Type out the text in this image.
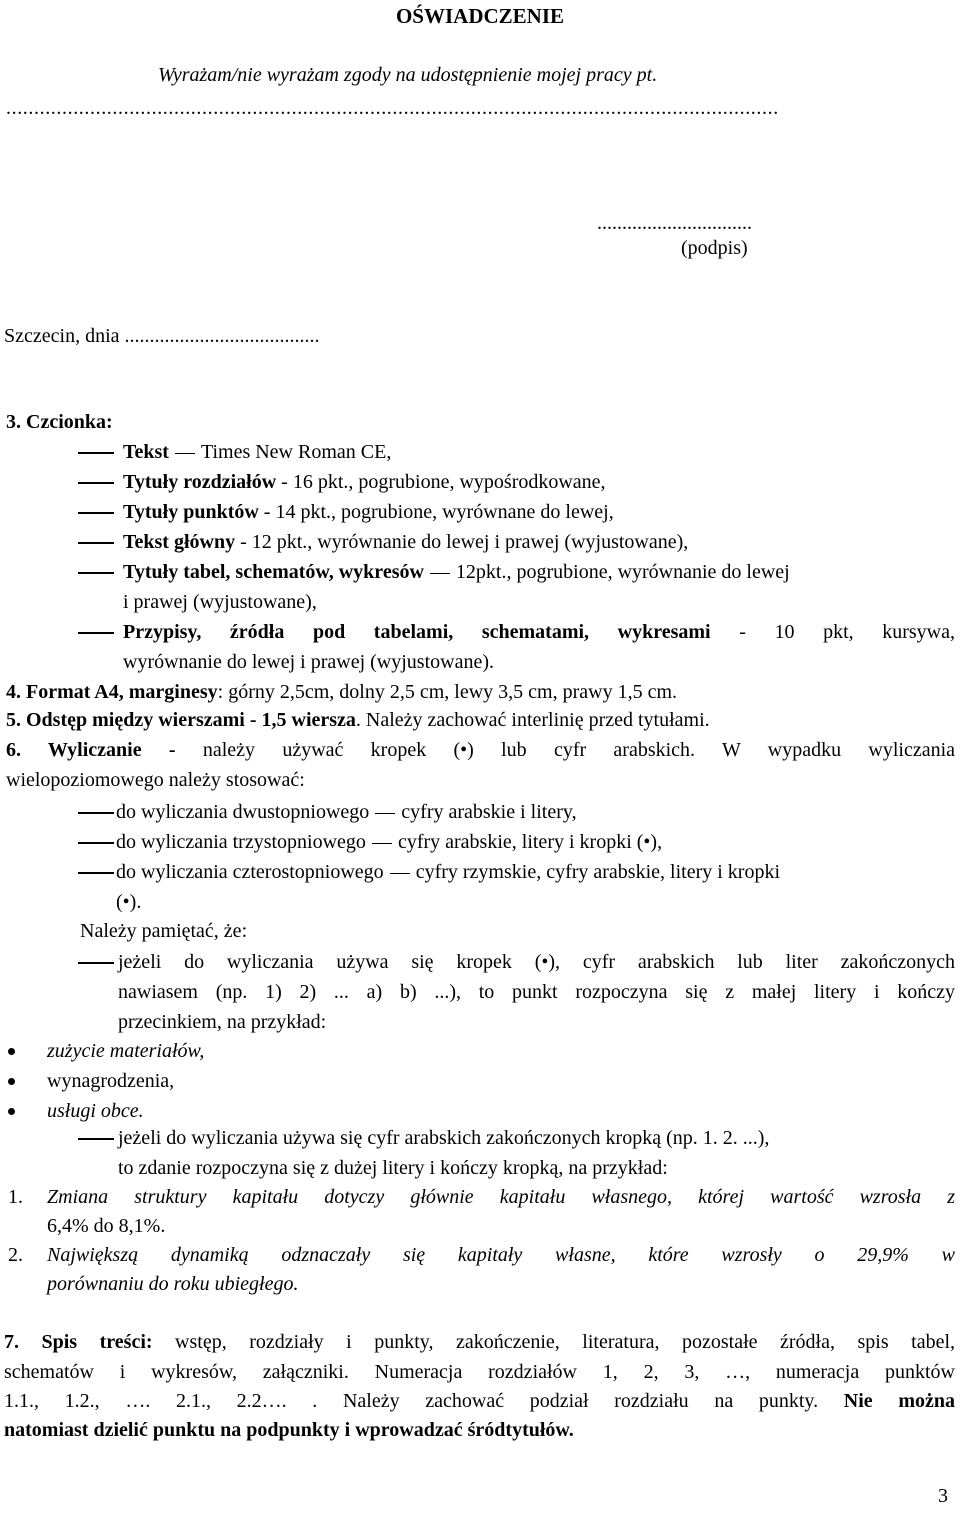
OŚWIADCZENIE
Wyrażam/nie wyrażam zgody na udostępnienie mojej pracy pt.
..........................................................................................................................................
...............................
(podpis)
Szczecin, dnia .......................................
3. Czcionka:
Tekst Times New Roman CE,
Tytuły rozdziałów - 16 pkt., pogrubione, wypośrodkowane,
Tytuły punktów - 14 pkt., pogrubione, wyrównane do lewej,
Tekst główny - 12 pkt., wyrównanie do lewej i prawej (wyjustowane),
Tytuły tabel, schematów, wykresów 12pkt., pogrubione, wyrównanie do lewej
i prawej (wyjustowane),
Przypisy, źródła pod tabelami, schematami, wykresami - 10 pkt, kursywa,
wyrównanie do lewej i prawej (wyjustowane).
4. Format A4, marginesy: górny 2,5cm, dolny 2,5 cm, lewy 3,5 cm, prawy 1,5 cm.
5. Odstęp między wierszami - 1,5 wiersza. Należy zachować interlinię przed tytułami.
6. Wyliczanie - należy używać kropek (•) lub cyfr arabskich. W wypadku wyliczania
wielopoziomowego należy stosować:
do wyliczania dwustopniowego cyfry arabskie i litery,
do wyliczania trzystopniowego cyfry arabskie, litery i kropki (•),
do wyliczania czterostopniowego cyfry rzymskie, cyfry arabskie, litery i kropki
(•).
Należy pamiętać, że:
jeżeli do wyliczania używa się kropek (•), cyfr arabskich lub liter zakończonych
nawiasem (np. 1) 2) ... a) b) ...), to punkt rozpoczyna się z małej litery i kończy
przecinkiem, na przykład:
zużycie materiałów,
wynagrodzenia,
usługi obce.
jeżeli do wyliczania używa się cyfr arabskich zakończonych kropką (np. 1. 2. ...),
to zdanie rozpoczyna się z dużej litery i kończy kropką, na przykład:
1. Zmiana struktury kapitału dotyczy głównie kapitału własnego, której wartość wzrosła z
6,4% do 8,1%.
2. Największą dynamiką odznaczały się kapitały własne, które wzrosły o 29,9% w
porównaniu do roku ubiegłego.
7. Spis treści: wstęp, rozdziały i punkty, zakończenie, literatura, pozostałe źródła, spis tabel,
schematów i wykresów, załączniki. Numeracja rozdziałów 1, 2, 3, …, numeracja punktów
1.1., 1.2., …. 2.1., 2.2…. . Należy zachować podział rozdziału na punkty. Nie można
natomiast dzielić punktu na podpunkty i wprowadzać śródtytułów.
3
